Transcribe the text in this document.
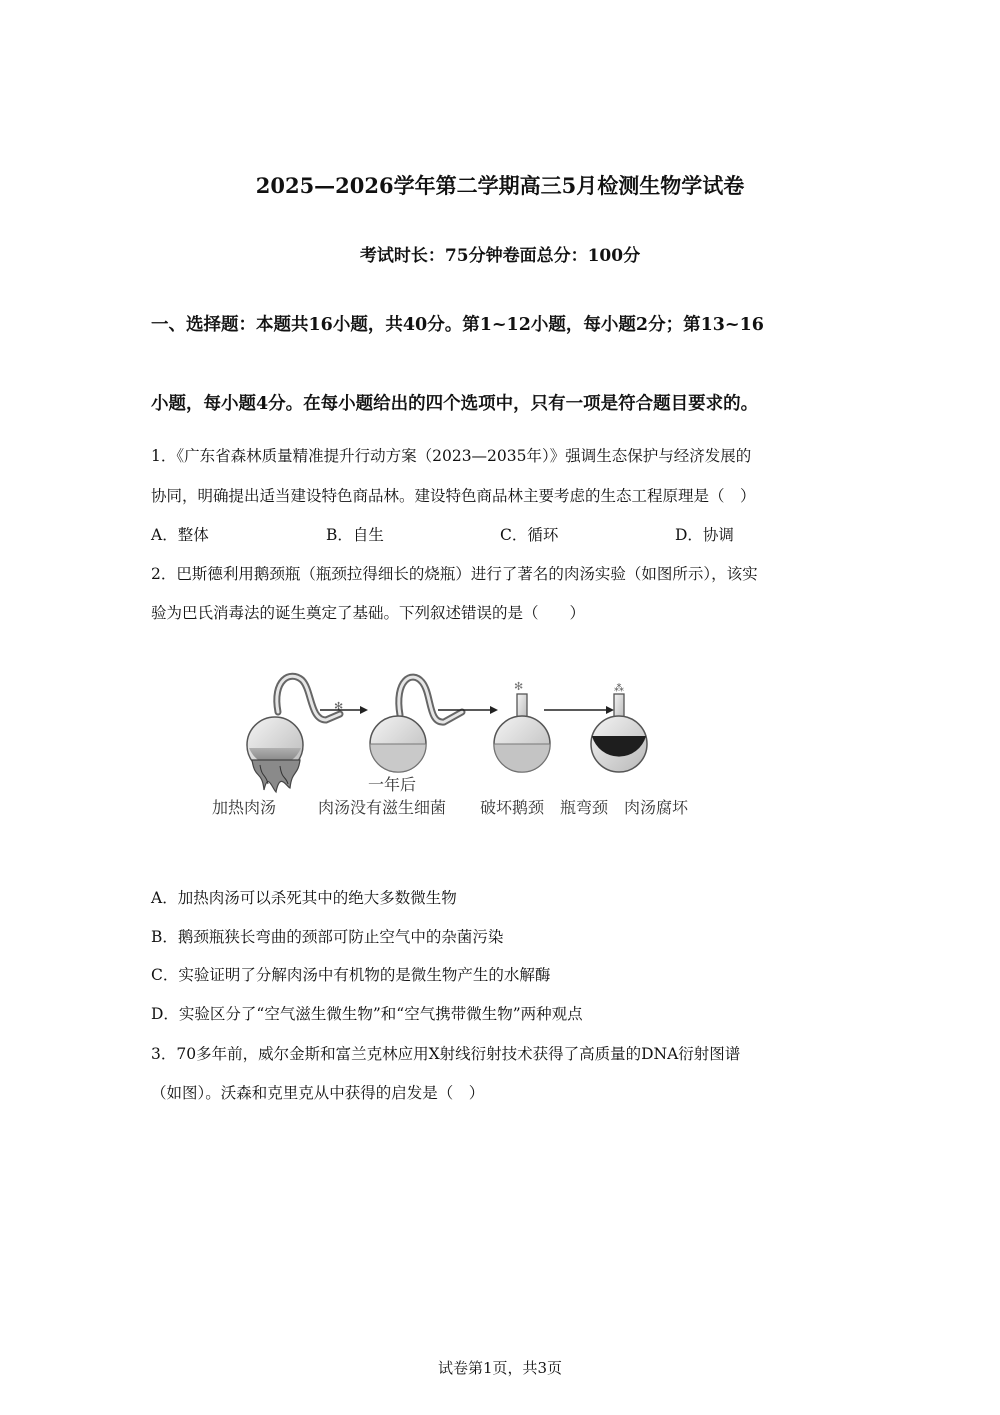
2025—2026学年第二学期高三5月检测生物学试卷
考试时长：75分钟卷面总分：100分
一、选择题：本题共16小题，共40分。第1~12小题，每小题2分；第13~16
小题，每小题4分。在每小题给出的四个选项中，只有一项是符合题目要求的。
1．《广东省森林质量精准提升行动方案（2023—2035年）》强调生态保护与经济发展的
协同，明确提出适当建设特色商品林。建设特色商品林主要考虑的生态工程原理是（　）
A．整体	B．自生	C．循环	D．协调
2．巴斯德利用鹅颈瓶（瓶颈拉得细长的烧瓶）进行了著名的肉汤实验（如图所示），该实
验为巴氏消毒法的诞生奠定了基础。下列叙述错误的是（　　）
✻
✻	⁂
一年后
加热肉汤	肉汤没有滋生细菌 破坏鹅颈 瓶弯颈 肉汤腐坏
A．加热肉汤可以杀死其中的绝大多数微生物
B．鹅颈瓶狭长弯曲的颈部可防止空气中的杂菌污染
C．实验证明了分解肉汤中有机物的是微生物产生的水解酶
D．实验区分了“空气滋生微生物”和“空气携带微生物”两种观点
3．70多年前，威尔金斯和富兰克林应用X射线衍射技术获得了高质量的DNA衍射图谱
（如图）。沃森和克里克从中获得的启发是（　）
试卷第1页，共3页
